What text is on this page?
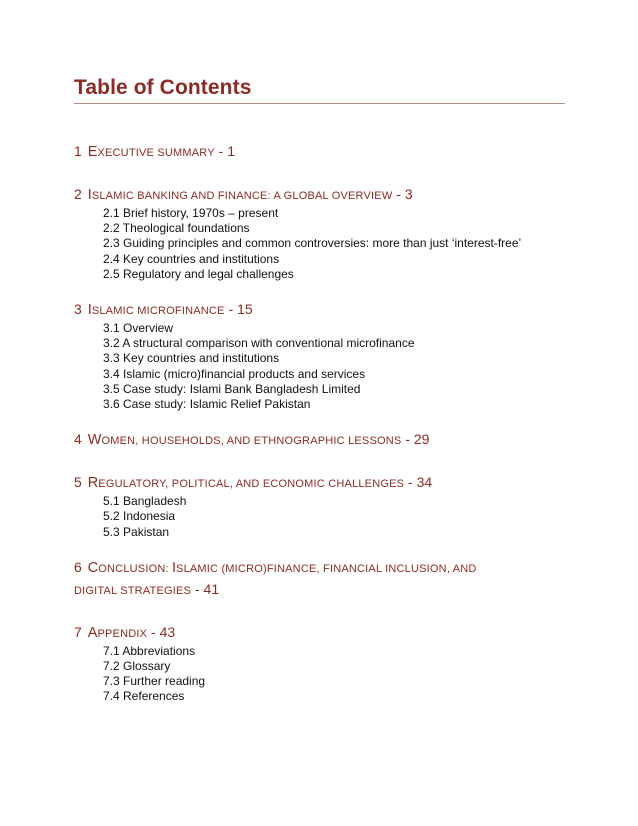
Table of Contents
1 EXECUTIVE SUMMARY - 1
2 ISLAMIC BANKING AND FINANCE: A GLOBAL OVERVIEW - 3
2.1 Brief history, 1970s – present
2.2 Theological foundations
2.3 Guiding principles and common controversies: more than just ‘interest-free’
2.4 Key countries and institutions
2.5 Regulatory and legal challenges
3 ISLAMIC MICROFINANCE - 15
3.1 Overview
3.2 A structural comparison with conventional microfinance
3.3 Key countries and institutions
3.4 Islamic (micro)financial products and services
3.5 Case study: Islami Bank Bangladesh Limited
3.6 Case study: Islamic Relief Pakistan
4 WOMEN, HOUSEHOLDS, AND ETHNOGRAPHIC LESSONS - 29
5 REGULATORY, POLITICAL, AND ECONOMIC CHALLENGES - 34
5.1 Bangladesh
5.2 Indonesia
5.3 Pakistan
6 CONCLUSION: ISLAMIC (MICRO)FINANCE, FINANCIAL INCLUSION, AND
DIGITAL STRATEGIES - 41
7 APPENDIX - 43
7.1 Abbreviations
7.2 Glossary
7.3 Further reading
7.4 References
